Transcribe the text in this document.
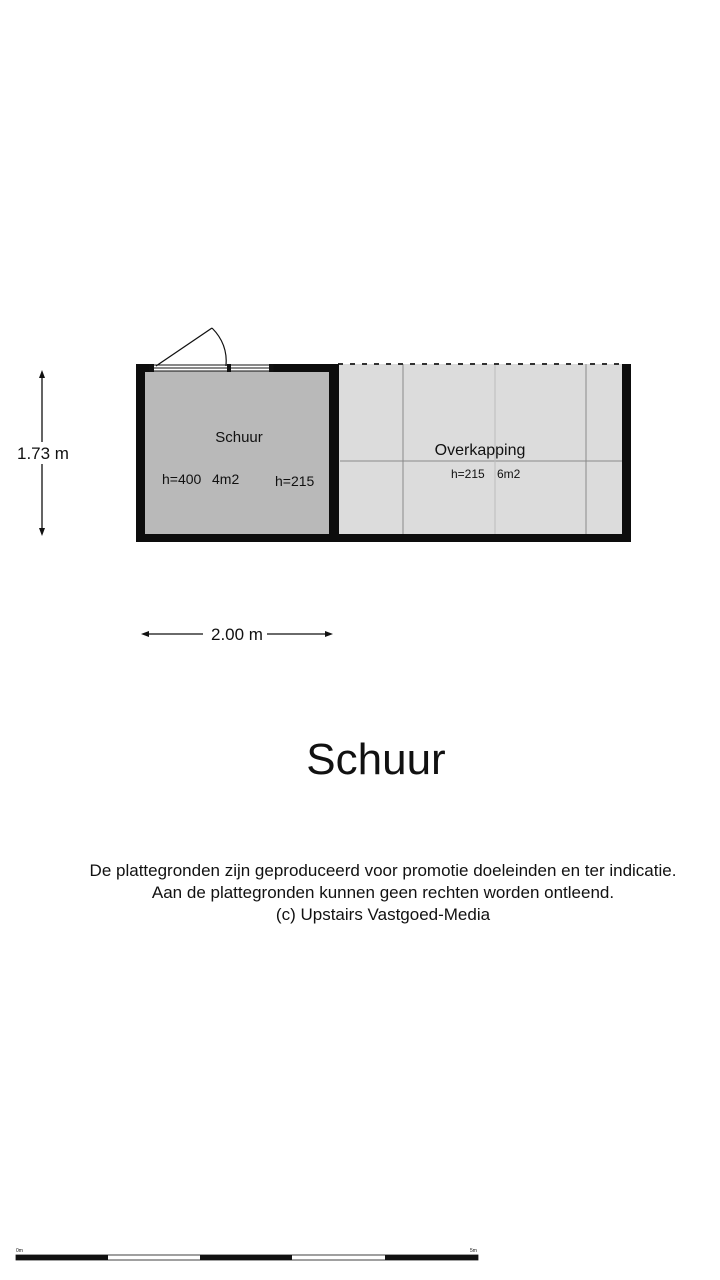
Schuur
h=400 4m2	h=215
Overkapping
h=215 6m2
1.73 m
2.00 m
0m	5m
Schuur
De plattegronden zijn geproduceerd voor promotie doeleinden en ter indicatie.
Aan de plattegronden kunnen geen rechten worden ontleend.
(c) Upstairs Vastgoed-Media
